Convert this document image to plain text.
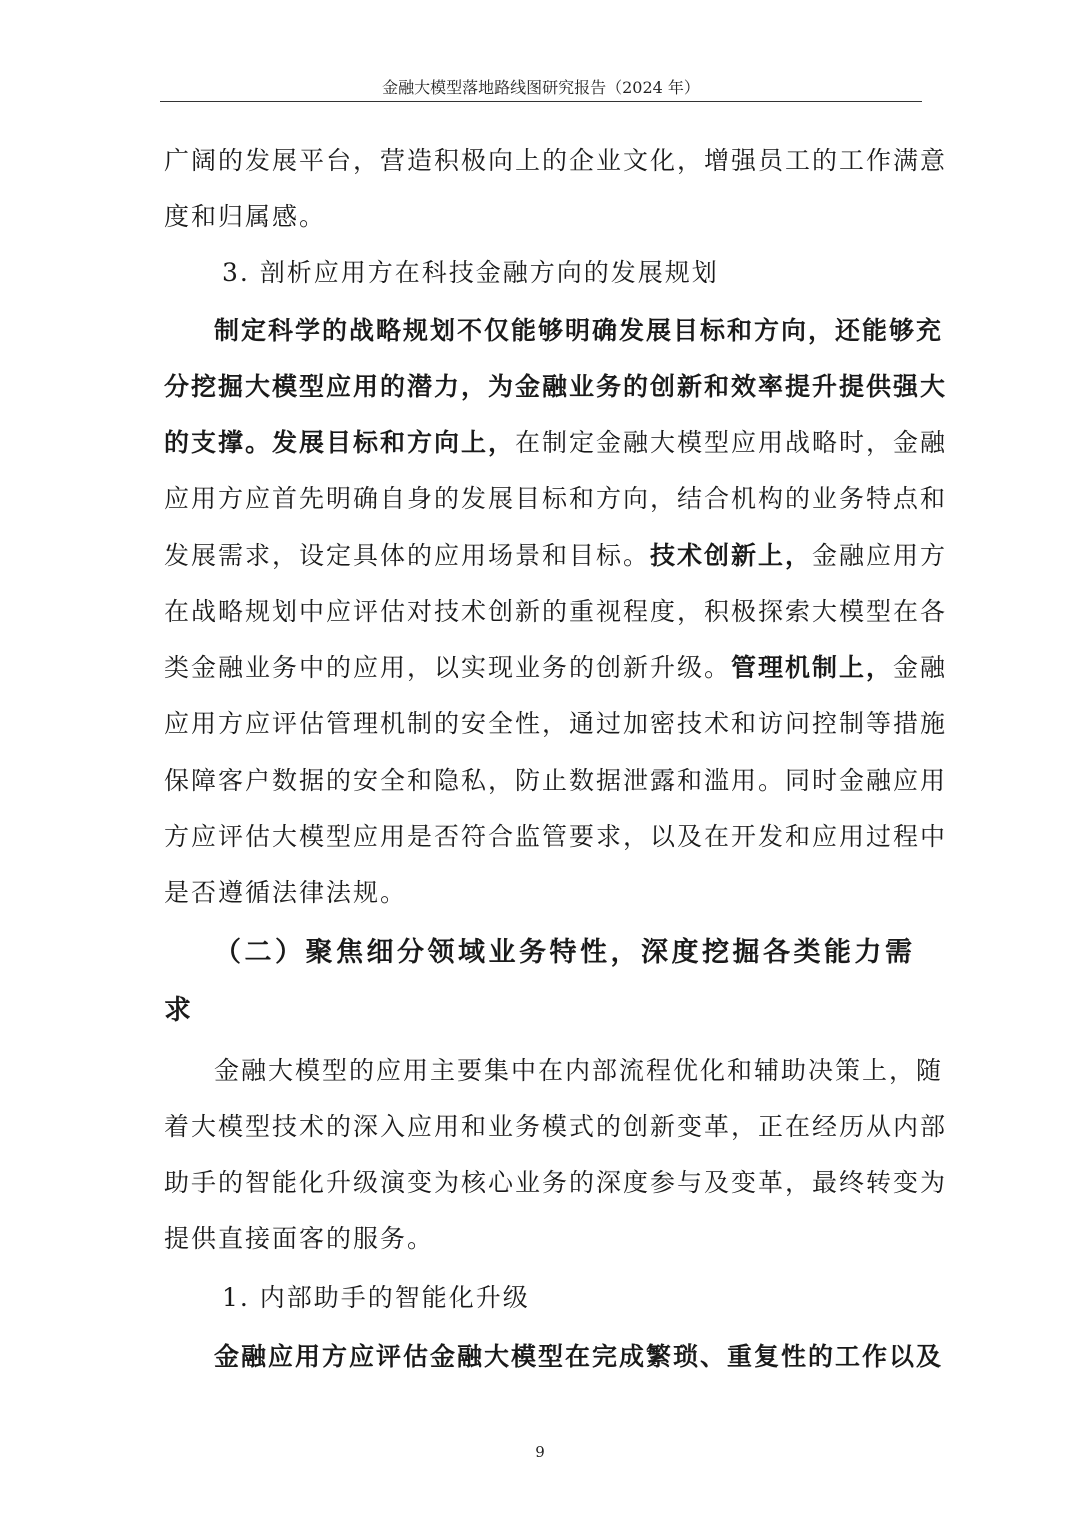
金融大模型落地路线图研究报告（2024 年）
广阔的发展平台，营造积极向上的企业文化，增强员工的工作满意
度和归属感。
3. 剖析应用方在科技金融方向的发展规划
制定科学的战略规划不仅能够明确发展目标和方向，还能够充
分挖掘大模型应用的潜力，为金融业务的创新和效率提升提供强大
的支撑。发展目标和方向上，在制定金融大模型应用战略时，金融
应用方应首先明确自身的发展目标和方向，结合机构的业务特点和
发展需求，设定具体的应用场景和目标。技术创新上，金融应用方
在战略规划中应评估对技术创新的重视程度，积极探索大模型在各
类金融业务中的应用，以实现业务的创新升级。管理机制上，金融
应用方应评估管理机制的安全性，通过加密技术和访问控制等措施
保障客户数据的安全和隐私，防止数据泄露和滥用。同时金融应用
方应评估大模型应用是否符合监管要求，以及在开发和应用过程中
是否遵循法律法规。
（二）聚焦细分领域业务特性，深度挖掘各类能力需
求
金融大模型的应用主要集中在内部流程优化和辅助决策上，随
着大模型技术的深入应用和业务模式的创新变革，正在经历从内部
助手的智能化升级演变为核心业务的深度参与及变革，最终转变为
提供直接面客的服务。
1. 内部助手的智能化升级
金融应用方应评估金融大模型在完成繁琐、重复性的工作以及
9
